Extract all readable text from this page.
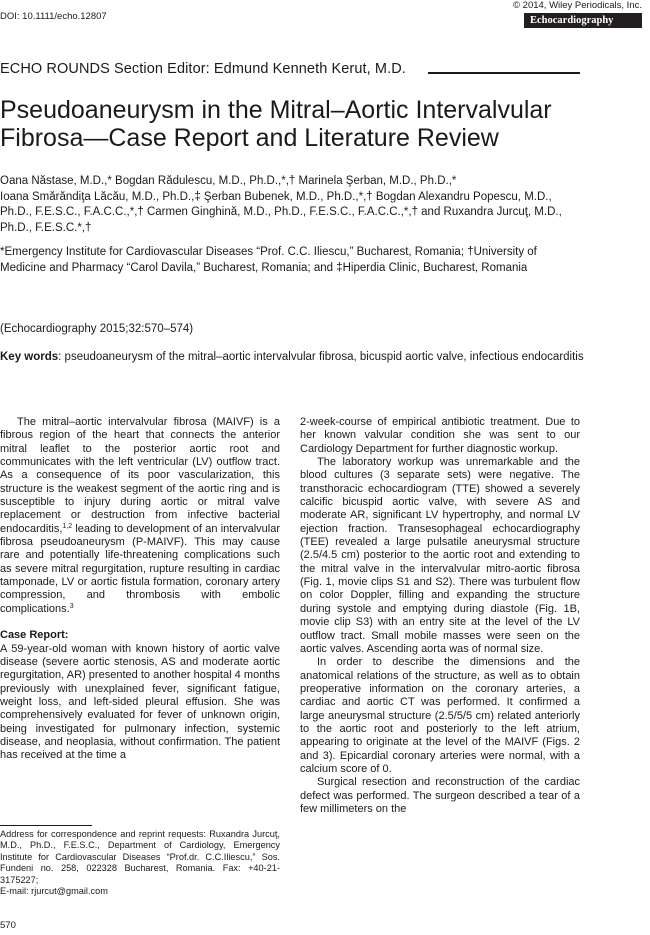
DOI: 10.1111/echo.12807
© 2014, Wiley Periodicals, Inc.
Echocardiography
ECHO ROUNDS Section Editor: Edmund Kenneth Kerut, M.D.
Pseudoaneurysm in the Mitral–Aortic Intervalvular
Fibrosa—Case Report and Literature Review
Oana Năstase, M.D.,* Bogdan Rădulescu, M.D., Ph.D.,*,† Marinela Şerban, M.D., Ph.D.,*
Ioana Smărăndiţa Lăcău, M.D., Ph.D.,‡ Şerban Bubenek, M.D., Ph.D.,*,† Bogdan Alexandru Popescu, M.D.,
Ph.D., F.E.S.C., F.A.C.C.,*,† Carmen Ginghină, M.D., Ph.D., F.E.S.C., F.A.C.C.,*,† and Ruxandra Jurcuţ, M.D.,
Ph.D., F.E.S.C.*,†
*Emergency Institute for Cardiovascular Diseases “Prof. C.C. Iliescu,” Bucharest, Romania; †University of
Medicine and Pharmacy “Carol Davila,” Bucharest, Romania; and ‡Hiperdia Clinic, Bucharest, Romania
(Echocardiography 2015;32:570–574)
Key words: pseudoaneurysm of the mitral–aortic intervalvular fibrosa, bicuspid aortic valve, infectious endocarditis

The mitral–aortic intervalvular fibrosa (MAIVF) is a fibrous region of the heart that connects the anterior mitral leaflet to the posterior aortic root and communicates with the left ventricular (LV) outflow tract. As a consequence of its poor vascularization, this structure is the weakest segment of the aortic ring and is susceptible to injury during aortic or mitral valve replacement or destruction from infective bacterial endocarditis,$^{1,2}$ leading to development of an intervalvular fibrosa pseudoaneurysm (P-MAIVF). This may cause rare and potentially life-threatening complications such as severe mitral regurgitation, rupture resulting in cardiac tamponade, LV or aortic fistula formation, coronary artery compression, and thrombosis with embolic complications.$^3$

Case Report:

A 59-year-old woman with known history of aortic valve disease (severe aortic stenosis, AS and moderate aortic regurgitation, AR) presented to another hospital 4 months previously with unexplained fever, significant fatigue, weight loss, and left-sided pleural effusion. She was comprehensively evaluated for fever of unknown origin, being investigated for pulmonary infection, systemic disease, and neoplasia, without confirmation. The patient has received at the time a

2-week-course of empirical antibiotic treatment. Due to her known valvular condition she was sent to our Cardiology Department for further diagnostic workup.

The laboratory workup was unremarkable and the blood cultures (3 separate sets) were negative. The transthoracic echocardiogram (TTE) showed a severely calcific bicuspid aortic valve, with severe AS and moderate AR, significant LV hypertrophy, and normal LV ejection fraction. Transesophageal echocardiography (TEE) revealed a large pulsatile aneurysmal structure (2.5/4.5 cm) posterior to the aortic root and extending to the mitral valve in the intervalvular mitro-aortic fibrosa (Fig. 1, movie clips S1 and S2). There was turbulent flow on color Doppler, filling and expanding the structure during systole and emptying during diastole (Fig. 1B, movie clip S3) with an entry site at the level of the LV outflow tract. Small mobile masses were seen on the aortic valves. Ascending aorta was of normal size.

In order to describe the dimensions and the anatomical relations of the structure, as well as to obtain preoperative information on the coronary arteries, a cardiac and aortic CT was performed. It confirmed a large aneurysmal structure (2.5/5/5 cm) related anteriorly to the aortic root and posteriorly to the left atrium, appearing to originate at the level of the MAIVF (Figs. 2 and 3). Epicardial coronary arteries were normal, with a calcium score of 0.

Surgical resection and reconstruction of the cardiac defect was performed. The surgeon described a tear of a few millimeters on the

Address for correspondence and reprint requests: Ruxandra Jurcuţ, M.D., Ph.D., F.E.S.C., Department of Cardiology, Emergency Institute for Cardiovascular Diseases “Prof.dr. C.C.Iliescu,” Sos. Fundeni no. 258, 022328 Bucharest, Romania. Fax: +40-21-3175227;
E-mail: rjurcut@gmail.com
570
